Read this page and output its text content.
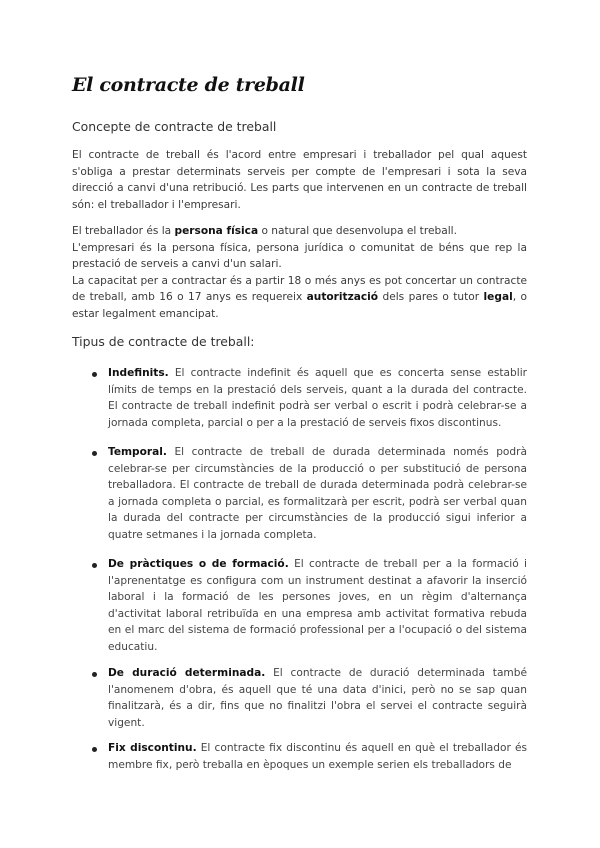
El contracte de treball

Concepte de contracte de treball

El contracte de treball és l'acord entre empresari i treballador pel qual aquest s'obliga a prestar determinats serveis per compte de l'empresari i sota la seva direcció a canvi d'una retribució. Les parts que intervenen en un contracte de treball són: el treballador i l'empresari.

El treballador és la persona física o natural que desenvolupa el treball.

L'empresari és la persona física, persona jurídica o comunitat de béns que rep la prestació de serveis a canvi d'un salari.

La capacitat per a contractar és a partir 18 o més anys es pot concertar un contracte de treball, amb 16 o 17 anys es requereix autorització dels pares o tutor legal, o estar legalment emancipat.

Tipus de contracte de treball:

Indefinits. El contracte indefinit és aquell que es concerta sense establir límits de temps en la prestació dels serveis, quant a la durada del contracte. El contracte de treball indefinit podrà ser verbal o escrit i podrà celebrar-se a jornada completa, parcial o per a la prestació de serveis fixos discontinus.

Temporal. El contracte de treball de durada determinada només podrà celebrar-se per circumstàncies de la producció o per substitució de persona treballadora. El contracte de treball de durada determinada podrà celebrar-se a jornada completa o parcial, es formalitzarà per escrit, podrà ser verbal quan la durada del contracte per circumstàncies de la producció sigui inferior a quatre setmanes i la jornada completa.

De pràctiques o de formació. El contracte de treball per a la formació i l'aprenentatge es configura com un instrument destinat a afavorir la inserció laboral i la formació de les persones joves, en un règim d'alternança d'activitat laboral retribuïda en una empresa amb activitat formativa rebuda en el marc del sistema de formació professional per a l'ocupació o del sistema educatiu.

De duració determinada. El contracte de duració determinada també l'anomenem d'obra, és aquell que té una data d'inici, però no se sap quan finalitzarà, és a dir, fins que no finalitzi l'obra el servei el contracte seguirà vigent.

Fix discontinu. El contracte fix discontinu és aquell en què el treballador és membre fix, però treballa en èpoques un exemple serien els treballadors de
